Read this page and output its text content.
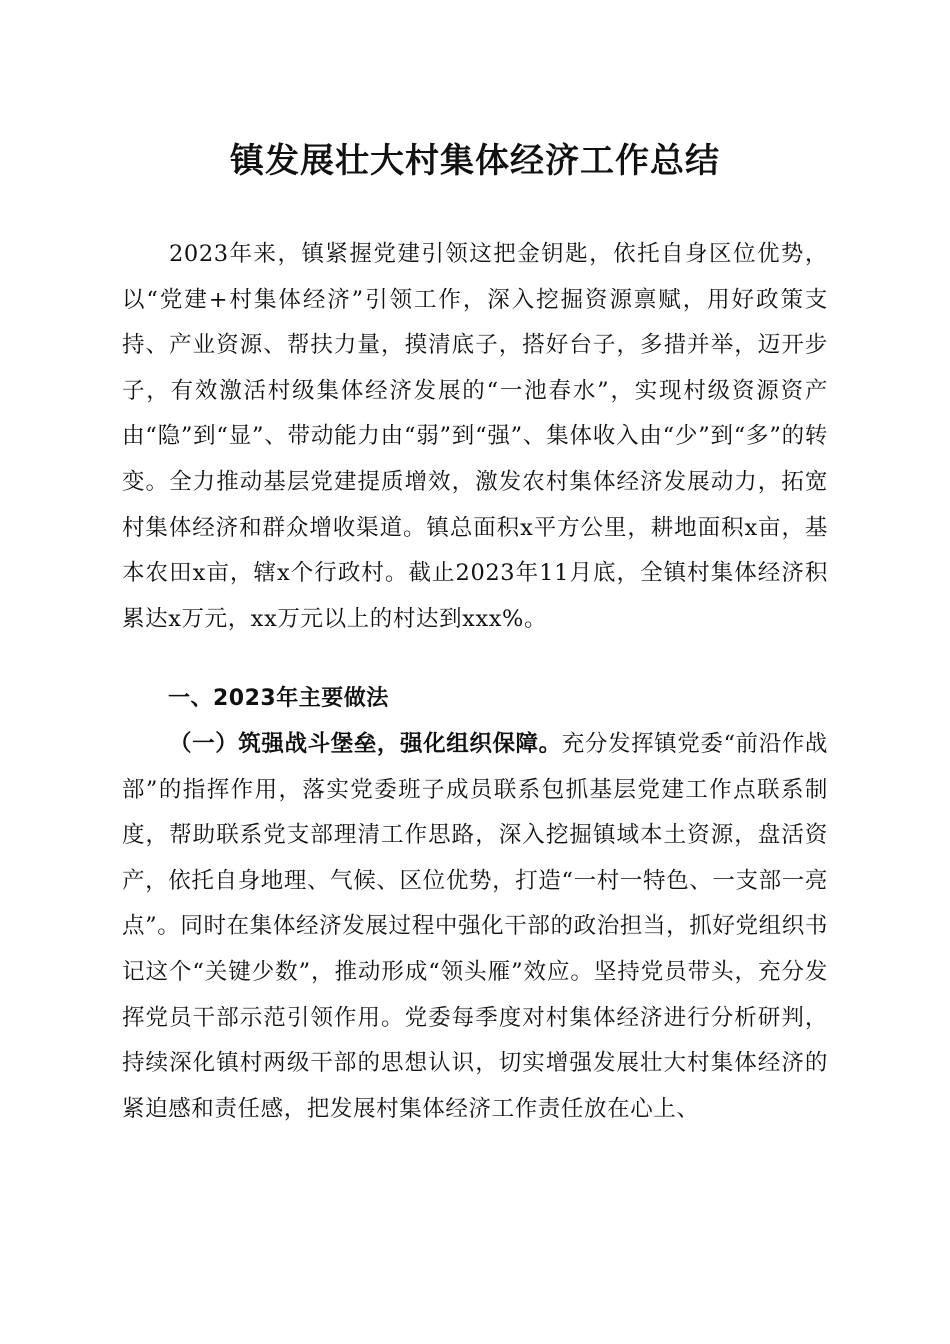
镇发展壮大村集体经济工作总结

2023年来，镇紧握党建引领这把金钥匙，依托自身区位优势，以“党建+村集体经济”引领工作，深入挖掘资源禀赋，用好政策支持、产业资源、帮扶力量，摸清底子，搭好台子，多措并举，迈开步子，有效激活村级集体经济发展的“一池春水”，实现村级资源资产由“隐”到“显”、带动能力由“弱”到“强”、集体收入由“少”到“多”的转变。全力推动基层党建提质增效，激发农村集体经济发展动力，拓宽村集体经济和群众增收渠道。镇总面积x平方公里，耕地面积x亩，基本农田x亩，辖x个行政村。截止2023年11月底，全镇村集体经济积累达x万元，xx万元以上的村达到xxx%。

一、2023年主要做法

（一）筑强战斗堡垒，强化组织保障。充分发挥镇党委“前沿作战部”的指挥作用，落实党委班子成员联系包抓基层党建工作点联系制度，帮助联系党支部理清工作思路，深入挖掘镇域本土资源，盘活资产，依托自身地理、气候、区位优势，打造“一村一特色、一支部一亮点”。同时在集体经济发展过程中强化干部的政治担当，抓好党组织书记这个“关键少数”，推动形成“领头雁”效应。坚持党员带头，充分发挥党员干部示范引领作用。党委每季度对村集体经济进行分析研判，持续深化镇村两级干部的思想认识，切实增强发展壮大村集体经济的紧迫感和责任感，把发展村集体经济工作责任放在心上、
